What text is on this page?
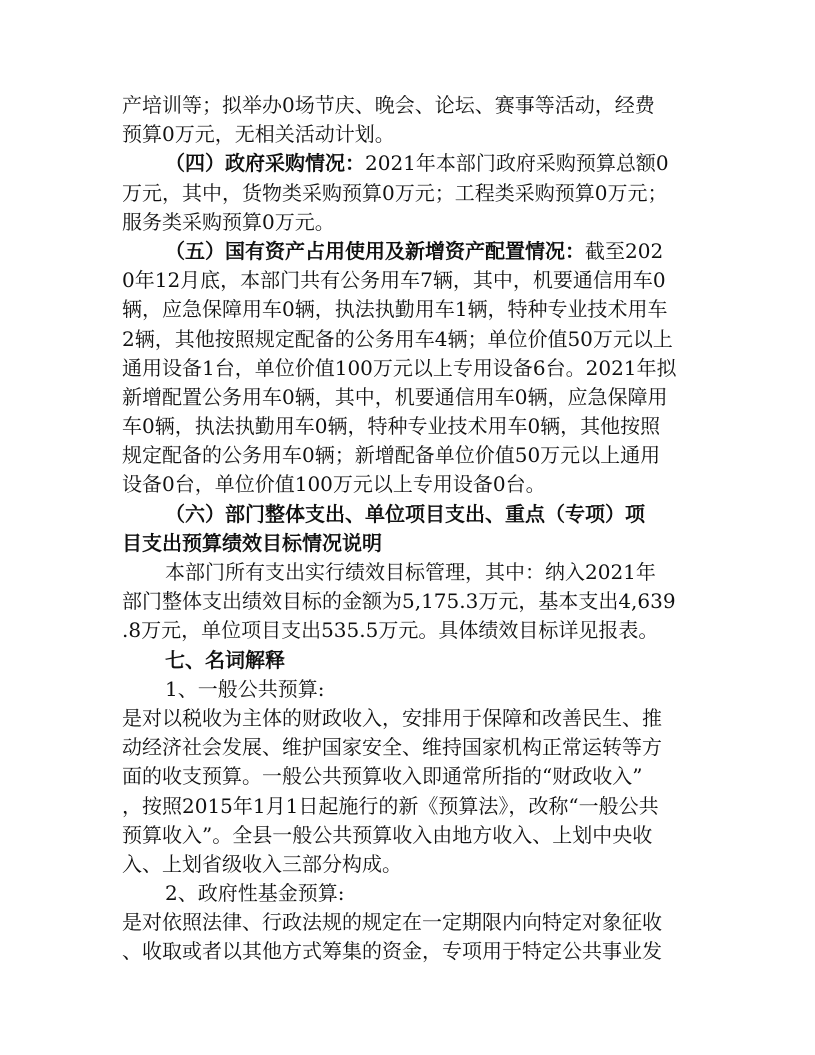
产培训等；拟举办0场节庆、晚会、论坛、赛事等活动，经费
预算0万元，无相关活动计划。

（四）政府采购情况：2021年本部门政府采购预算总额0
万元，其中，货物类采购预算0万元；工程类采购预算0万元；
服务类采购预算0万元。

（五）国有资产占用使用及新增资产配置情况：截至202
0年12月底，本部门共有公务用车7辆，其中，机要通信用车0
辆，应急保障用车0辆，执法执勤用车1辆，特种专业技术用车
2辆，其他按照规定配备的公务用车4辆；单位价值50万元以上
通用设备1台，单位价值100万元以上专用设备6台。2021年拟
新增配置公务用车0辆，其中，机要通信用车0辆，应急保障用
车0辆，执法执勤用车0辆，特种专业技术用车0辆，其他按照
规定配备的公务用车0辆；新增配备单位价值50万元以上通用
设备0台，单位价值100万元以上专用设备0台。

（六）部门整体支出、单位项目支出、重点（专项）项
目支出预算绩效目标情况说明
本部门所有支出实行绩效目标管理，其中：纳入2021年
部门整体支出绩效目标的金额为5,175.3万元，基本支出4,639
.8万元，单位项目支出535.5万元。具体绩效目标详见报表。

七、名词解释

1、一般公共预算:
是对以税收为主体的财政收入，安排用于保障和改善民生、推
动经济社会发展、维护国家安全、维持国家机构正常运转等方
面的收支预算。一般公共预算收入即通常所指的“财政收入”
，按照2015年1月1日起施行的新《预算法》，改称“一般公共
预算收入”。全县一般公共预算收入由地方收入、上划中央收
入、上划省级收入三部分构成。

2、政府性基金预算:
是对依照法律、行政法规的规定在一定期限内向特定对象征收
、收取或者以其他方式筹集的资金，专项用于特定公共事业发
